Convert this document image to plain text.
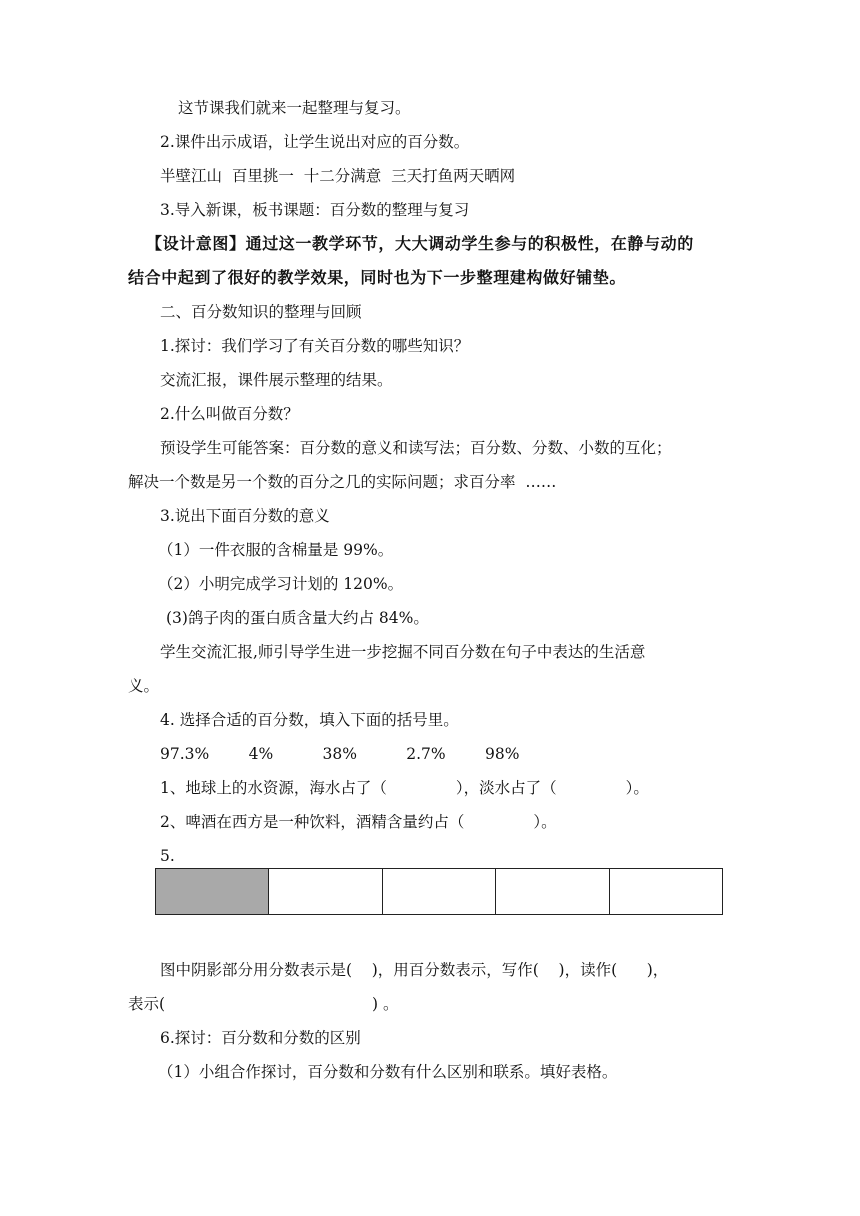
这节课我们就来一起整理与复习。
2.课件出示成语，让学生说出对应的百分数。
半壁江山  百里挑一  十二分满意  三天打鱼两天晒网
3.导入新课，板书课题：百分数的整理与复习
【设计意图】通过这一教学环节，大大调动学生参与的积极性，在静与动的
结合中起到了很好的教学效果，同时也为下一步整理建构做好铺垫。
二、百分数知识的整理与回顾
1.探讨：我们学习了有关百分数的哪些知识？
交流汇报，课件展示整理的结果。
2.什么叫做百分数？
预设学生可能答案：百分数的意义和读写法；百分数、分数、小数的互化；
解决一个数是另一个数的百分之几的实际问题；求百分率  ……
3.说出下面百分数的意义
（1）一件衣服的含棉量是 99%。
（2）小明完成学习计划的 120%。
(3)鸽子肉的蛋白质含量大约占 84%。
学生交流汇报,师引导学生进一步挖掘不同百分数在句子中表达的生活意
义。
4. 选择合适的百分数，填入下面的括号里。
97.3%        4%          38%          2.7%        98%
1、地球上的水资源，海水占了（              ），淡水占了（              ）。
2、啤酒在西方是一种饮料，酒精含量约占（              ）。
5.
图中阴影部分用分数表示是(    )，用百分数表示，写作(    )，读作(      )，
表示(                                          ) 。
6.探讨：百分数和分数的区别
（1）小组合作探讨，百分数和分数有什么区别和联系。填好表格。
